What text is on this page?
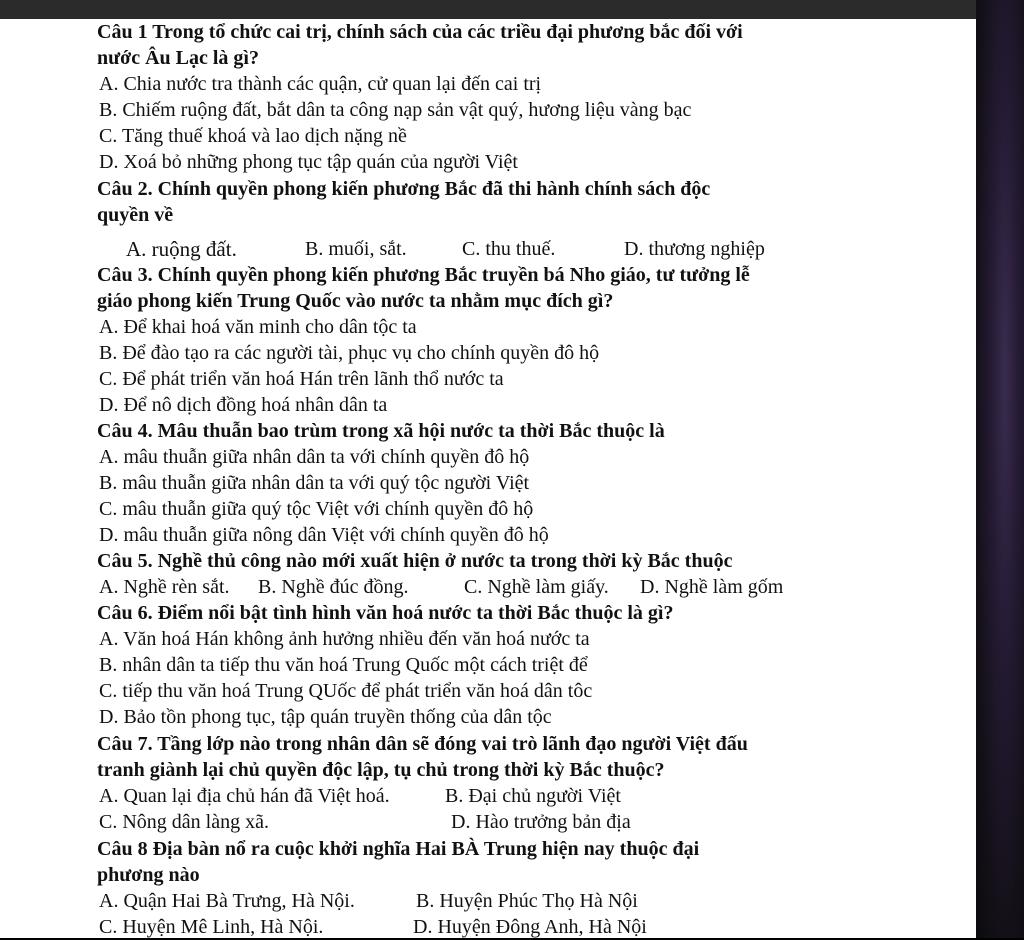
Câu 1 Trong tổ chức cai trị, chính sách của các triều đại phương bắc đối với
nước Âu Lạc là gì?
A. Chia nước tra thành các quận, cử quan lại đến cai trị
B. Chiếm ruộng đất, bắt dân ta công nạp sản vật quý, hương liệu vàng bạc
C. Tăng thuế khoá và lao dịch nặng nề
D. Xoá bỏ những phong tục tập quán của người Việt
Câu 2. Chính quyền phong kiến phương Bắc đã thi hành chính sách độc
quyền về
A. ruộng đất.	B. muối, sắt.	C. thu thuế.	D. thương nghiệp
Câu 3. Chính quyền phong kiến phương Bắc truyền bá Nho giáo, tư tưởng lễ
giáo phong kiến Trung Quốc vào nước ta nhằm mục đích gì?
A. Để khai hoá văn minh cho dân tộc ta
B. Để đào tạo ra các người tài, phục vụ cho chính quyền đô hộ
C. Để phát triển văn hoá Hán trên lãnh thổ nước ta
D. Để nô dịch đồng hoá nhân dân ta
Câu 4. Mâu thuẫn bao trùm trong xã hội nước ta thời Bắc thuộc là
A. mâu thuẫn giữa nhân dân ta với chính quyền đô hộ
B. mâu thuẫn giữa nhân dân ta với quý tộc người Việt
C. mâu thuẫn giữa quý tộc Việt với chính quyền đô hộ
D. mâu thuẫn giữa nông dân Việt với chính quyền đô hộ
Câu 5. Nghề thủ công nào mới xuất hiện ở nước ta trong thời kỳ Bắc thuộc
A. Nghề rèn sắt. B. Nghề đúc đồng.	C. Nghề làm giấy. D. Nghề làm gốm
Câu 6. Điểm nổi bật tình hình văn hoá nước ta thời Bắc thuộc là gì?
A. Văn hoá Hán không ảnh hưởng nhiều đến văn hoá nước ta
B. nhân dân ta tiếp thu văn hoá Trung Quốc một cách triệt để
C. tiếp thu văn hoá Trung QUốc để phát triển văn hoá dân tôc
D. Bảo tồn phong tục, tập quán truyền thống của dân tộc
Câu 7. Tầng lớp nào trong nhân dân sẽ đóng vai trò lãnh đạo người Việt đấu
tranh giành lại chủ quyền độc lập, tụ chủ trong thời kỳ Bắc thuộc?
A. Quan lại địa chủ hán đã Việt hoá.	B. Đại chủ người Việt
C. Nông dân làng xã.	D. Hào trưởng bản địa
Câu 8 Địa bàn nổ ra cuộc khởi nghĩa Hai BÀ Trung hiện nay thuộc đại
phương nào
A. Quận Hai Bà Trưng, Hà Nội.	B. Huyện Phúc Thọ Hà Nội
C. Huyện Mê Linh, Hà Nội.	D. Huyện Đông Anh, Hà Nội
